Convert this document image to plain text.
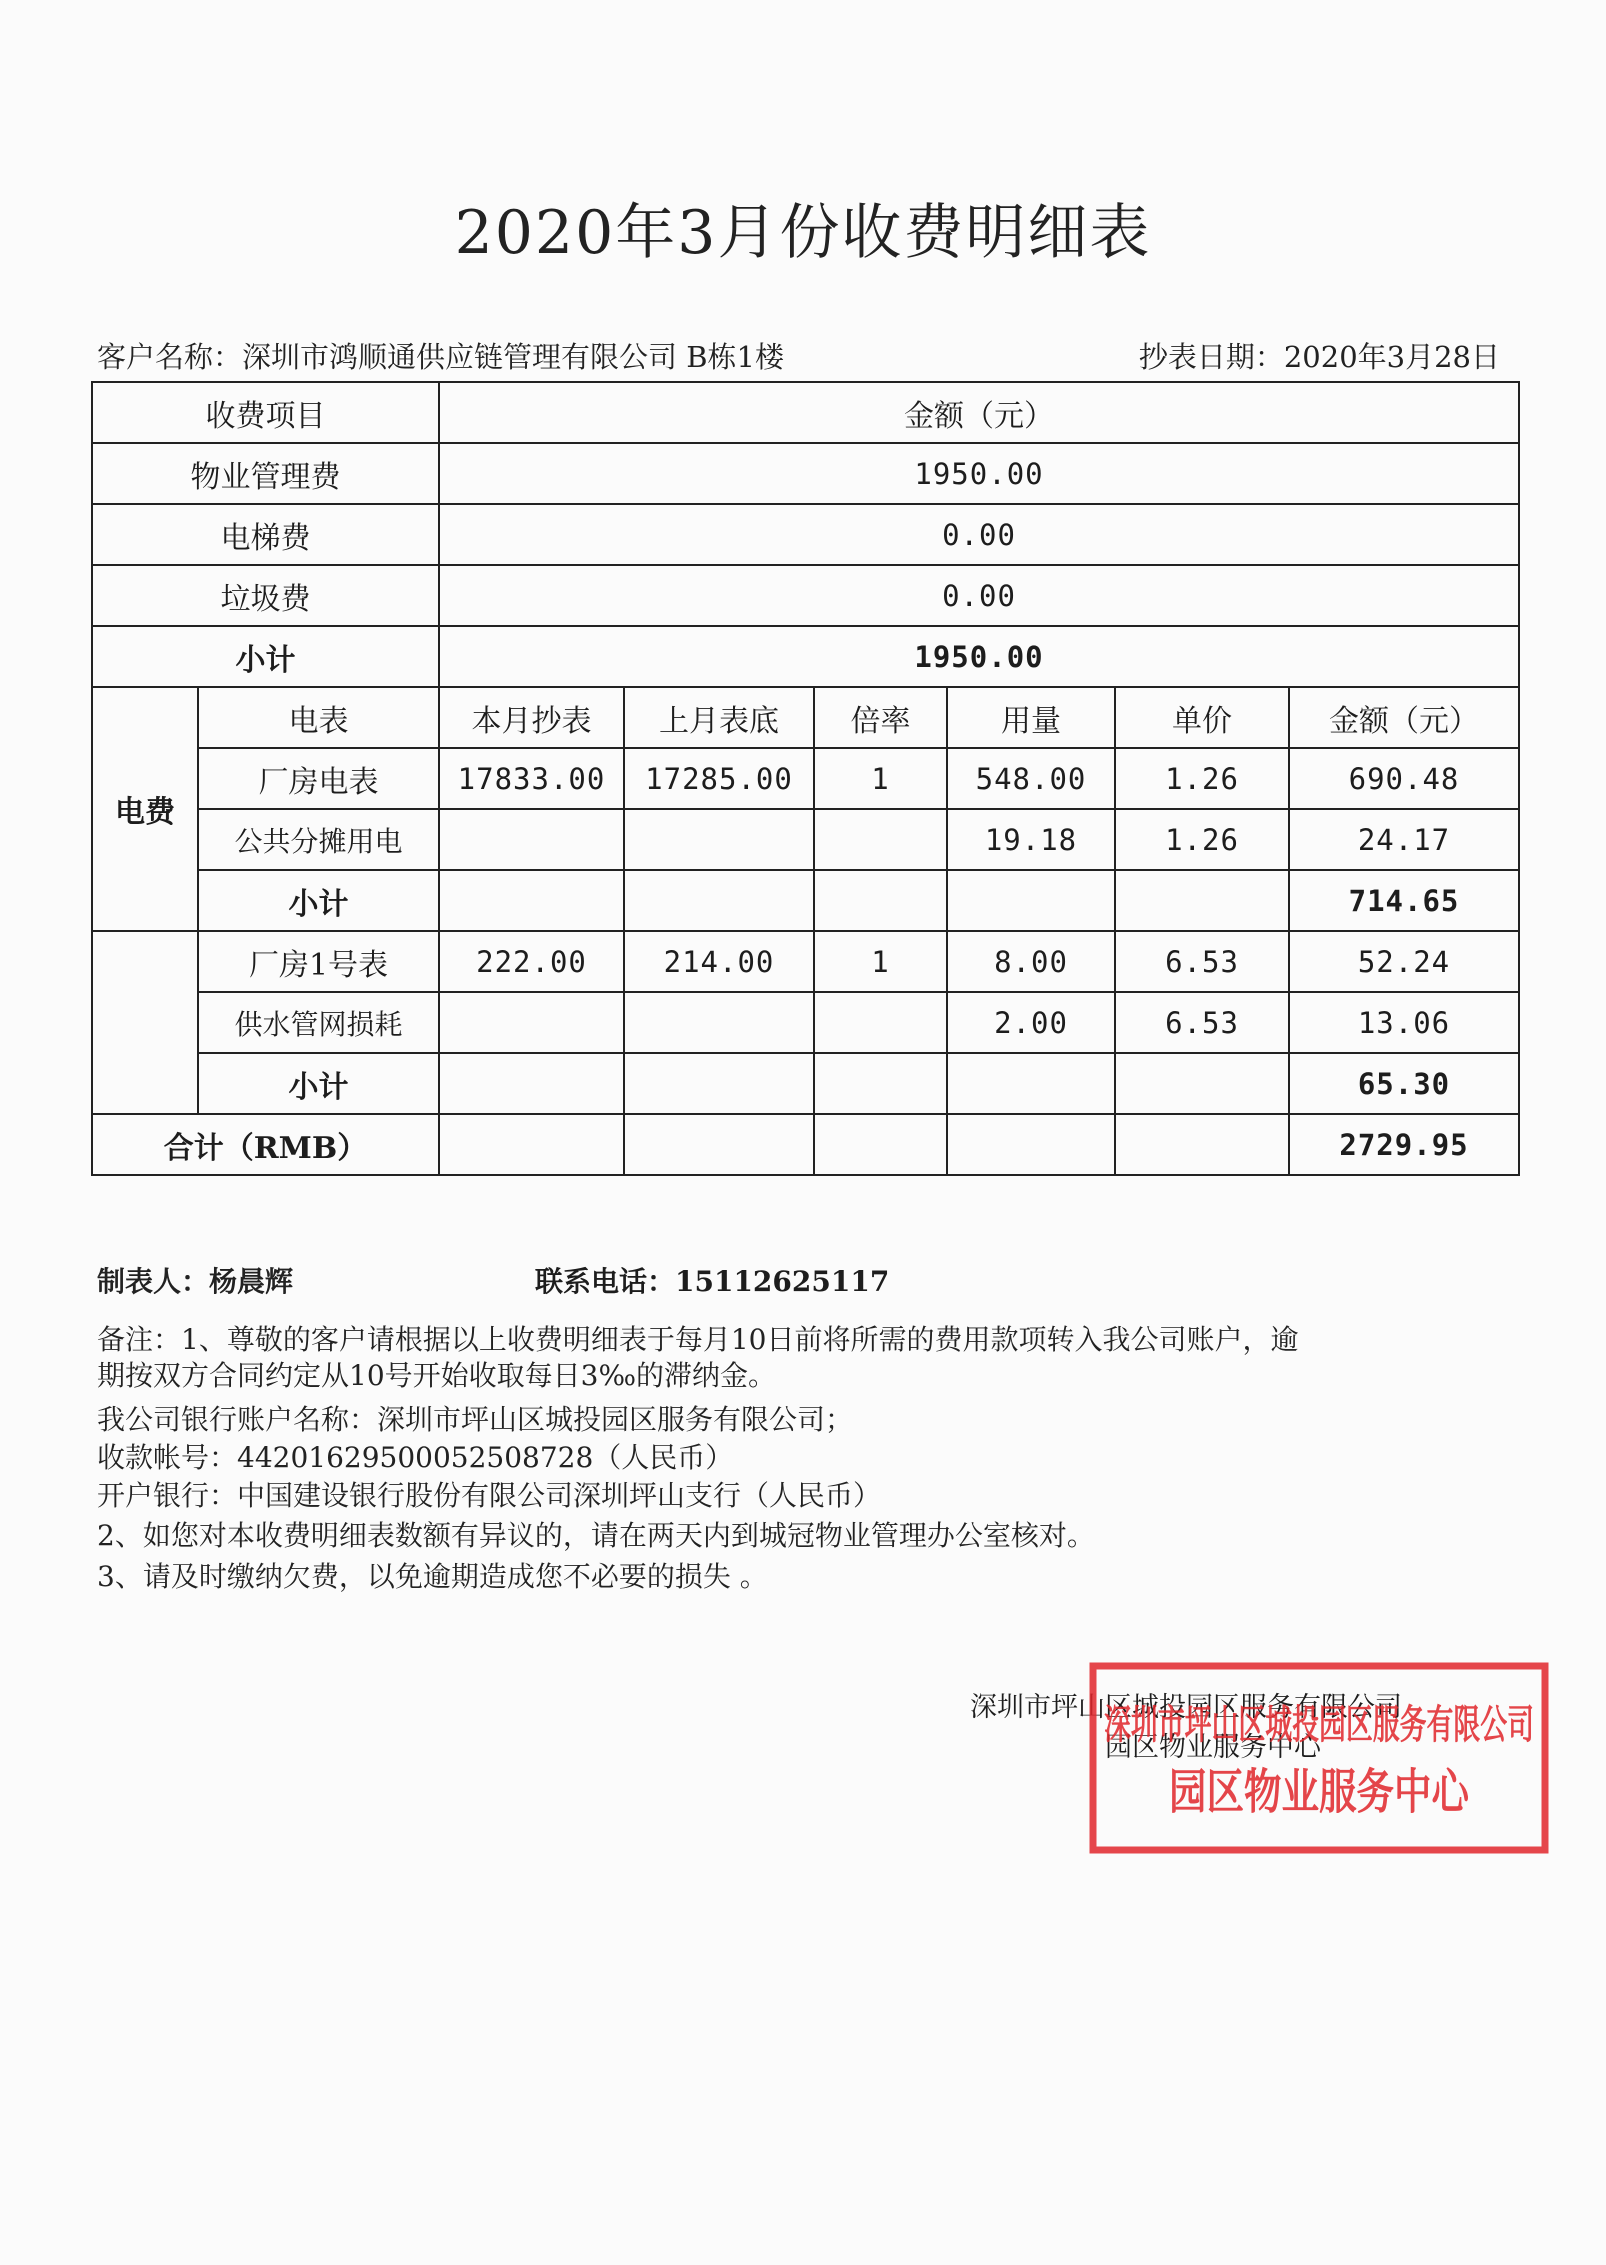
2020年3月份收费明细表
客户名称：深圳市鸿顺通供应链管理有限公司 B栋1楼	抄表日期：2020年3月28日
收费项目		金额（元）					
物业管理费		1950.00					
电梯费		0.00					
垃圾费		0.00					
小计		1950.00					
电费	电表	本月抄表	上月表底	倍率	用量	单价	金额（元）
	厂房电表	17833.00	17285.00	1	548.00	1.26	690.48
	公共分摊用电				19.18	1.26	24.17
	小计						714.65
	厂房1号表	222.00	214.00	1	8.00	6.53	52.24
	供水管网损耗				2.00	6.53	13.06
	小计						65.30
合计（RMB）							2729.95
制表人：杨晨辉	联系电话：15112625117
备注：1、尊敬的客户请根据以上收费明细表于每月10日前将所需的费用款项转入我公司账户，逾
期按双方合同约定从10号开始收取每日3‰的滞纳金。
我公司银行账户名称：深圳市坪山区城投园区服务有限公司；
收款帐号：44201629500052508728（人民币）
开户银行：中国建设银行股份有限公司深圳坪山支行（人民币）
2、如您对本收费明细表数额有异议的，请在两天内到城冠物业管理办公室核对。
3、请及时缴纳欠费，以免逾期造成您不必要的损失 。
深圳市坪山区城投园区服务有限公司
园区物业服务中心
深圳市坪山区城投园区服务有限公司
园区物业服务中心
